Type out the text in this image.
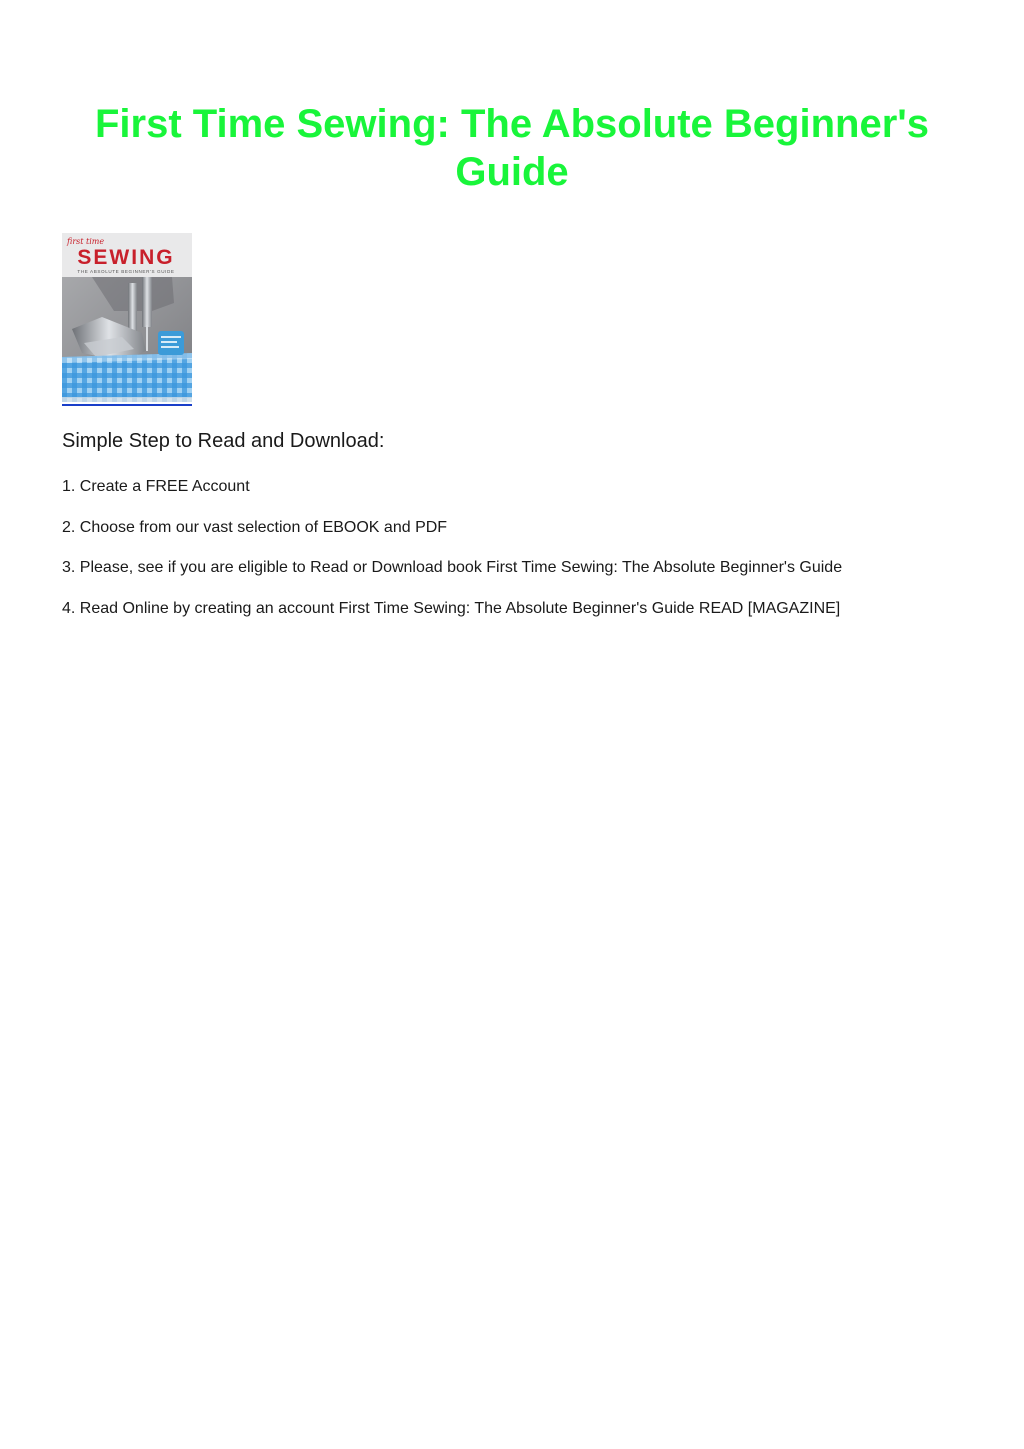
First Time Sewing: The Absolute Beginner's Guide
first time
SEWING
THE ABSOLUTE BEGINNER'S GUIDE
Simple Step to Read and Download:
1. Create a FREE Account
2. Choose from our vast selection of EBOOK and PDF
3. Please, see if you are eligible to Read or Download book First Time Sewing: The Absolute Beginner's Guide
4. Read Online by creating an account First Time Sewing: The Absolute Beginner's Guide READ [MAGAZINE]
